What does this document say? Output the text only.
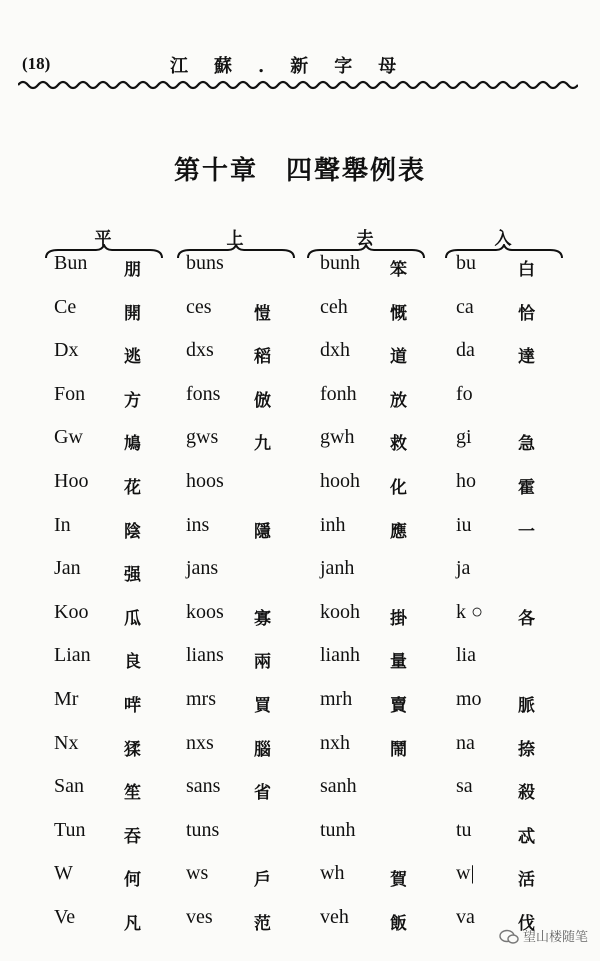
(18)	江蘇.新字母
第十章　四聲舉例表
平	上	去	入
Bun 朋 buns	bunh 笨 bu 白
Ce	開 ces 愷 ceh 慨 ca	恰
Dx	逃 dxs 稻 dxh 道 da	達
Fon 方 fons 倣 fonh 放 fo
Gw 鳩 gws 九 gwh 救 gi	急
Hoo 花 hoos	hooh 化 ho 霍
In	陰 ins	隱 inh	應 iu	一
Jan	强 jans	janh	ja
Koo 瓜 koos 寡 kooh 掛 k ○ 各
Lian 良 lians 兩 lianh 量 lia
Mr	哶 mrs 買 mrh 賣 mo 脈
Nx	猱 nxs 腦 nxh 鬧 na	捺
San 笙 sans 省 sanh	sa	殺
Tun 吞 tuns	tunh	tu	忒
W	何 ws	戶 wh	賀 w|	活
Ve	凡 ves 范 veh 飯 va	伐
望山楼随笔
